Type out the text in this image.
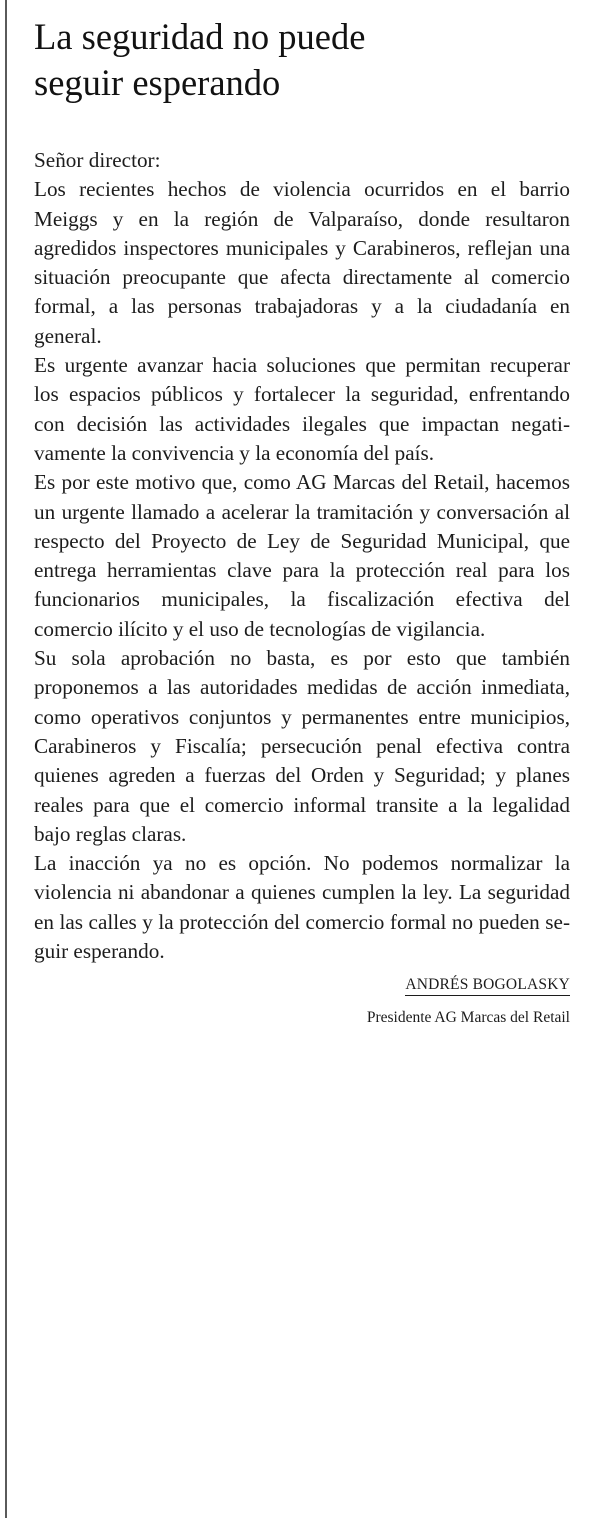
La seguridad no puede
seguir esperando

Señor director:

Los recientes hechos de violencia ocurridos en el barrio Meiggs y en la región de Valparaíso, donde resultaron agredidos inspectores municipales y Carabineros, reflejan una situación preocupante que afecta directamente al comercio formal, a las personas trabajadoras y a la ciudadanía en general.

Es urgente avanzar hacia soluciones que permitan recuperar los espacios públicos y fortalecer la seguridad, enfrentando con decisión las actividades ilegales que impactan negativamente la convivencia y la economía del país.

Es por este motivo que, como AG Marcas del Retail, hacemos un urgente llamado a acelerar la tramitación y conversación al respecto del Proyecto de Ley de Seguridad Municipal, que entrega herramientas clave para la protección real para los funcionarios municipales, la fiscalización efectiva del comercio ilícito y el uso de tecnologías de vigilancia.

Su sola aprobación no basta, es por esto que también proponemos a las autoridades medidas de acción inmediata, como operativos conjuntos y permanentes entre municipios, Carabineros y Fiscalía; persecución penal efectiva contra quienes agreden a fuerzas del Orden y Seguridad; y planes reales para que el comercio informal transite a la legalidad bajo reglas claras.

La inacción ya no es opción. No podemos normalizar la violencia ni abandonar a quienes cumplen la ley. La seguridad en las calles y la protección del comercio formal no pueden seguir esperando.

ANDRÉS BOGOLASKY
Presidente AG Marcas del Retail
